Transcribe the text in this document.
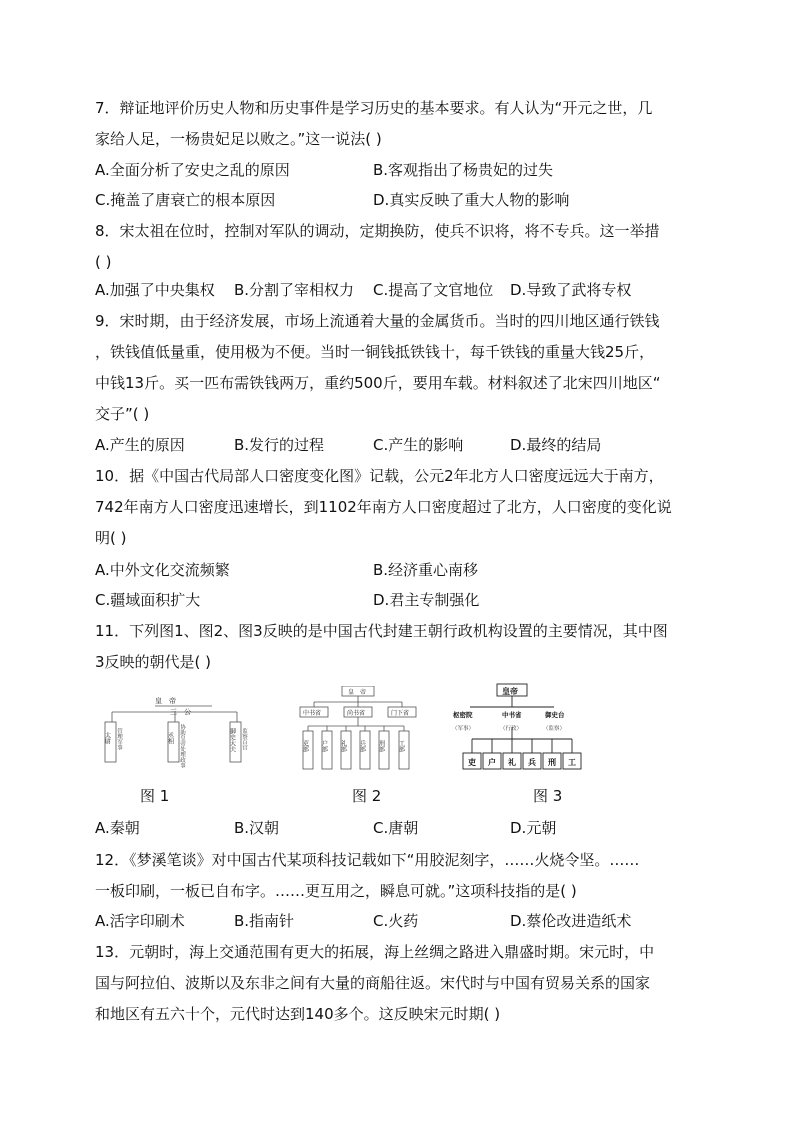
7．辩证地评价历史人物和历史事件是学习历史的基本要求。有人认为“开元之世，几
家给人足，一杨贵妃足以败之。”这一说法( )
A.全面分析了安史之乱的原因	B.客观指出了杨贵妃的过失
C.掩盖了唐衰亡的根本原因	D.真实反映了重大人物的影响
8．宋太祖在位时，控制对军队的调动，定期换防，使兵不识将，将不专兵。这一举措
( )
A.加强了中央集权 B.分割了宰相权力 C.提高了文官地位 D.导致了武将专权
9．宋时期，由于经济发展，市场上流通着大量的金属货币。当时的四川地区通行铁钱
，铁钱值低量重，使用极为不便。当时一铜钱抵铁钱十，每千铁钱的重量大钱25斤，
中钱13斤。买一匹布需铁钱两万，重约500斤，要用车载。材料叙述了北宋四川地区“
交子”( )
A.产生的原因	B.发行的过程	C.产生的影响	D.最终的结局
10．据《中国古代局部人口密度变化图》记载，公元2年北方人口密度远远大于南方，
742年南方人口密度迅速增长，到1102年南方人口密度超过了北方，人口密度的变化说
明( )
A.中外文化交流频繁	B.经济重心南移
C.疆域面积扩大	D.君主专制强化
11．下列图1、图2、图3反映的是中国古代封建王朝行政机构设置的主要情况，其中图
3反映的朝代是( )
皇　帝
三　公
太尉	丞相	御史大夫
管理军事	协助皇帝处理政事	监察百官
图 1
皇　帝
中书省	尚书省	门下省
吏部 户部 礼部 兵部 刑部 工部
图 2
皇帝
枢密院	中书省	御史台
（军事）	（行政）	（监察）
吏 户 礼 兵 刑 工
图 3
A.秦朝	B.汉朝	C.唐朝	D.元朝
12．《梦溪笔谈》对中国古代某项科技记载如下“用胶泥刻字，……火烧令坚。……
一板印刷，一板已自布字。……更互用之，瞬息可就。”这项科技指的是( )
A.活字印刷术	B.指南针	C.火药	D.蔡伦改进造纸术
13．元朝时，海上交通范围有更大的拓展，海上丝绸之路进入鼎盛时期。宋元时，中
国与阿拉伯、波斯以及东非之间有大量的商船往返。宋代时与中国有贸易关系的国家
和地区有五六十个，元代时达到140多个。这反映宋元时期( )
